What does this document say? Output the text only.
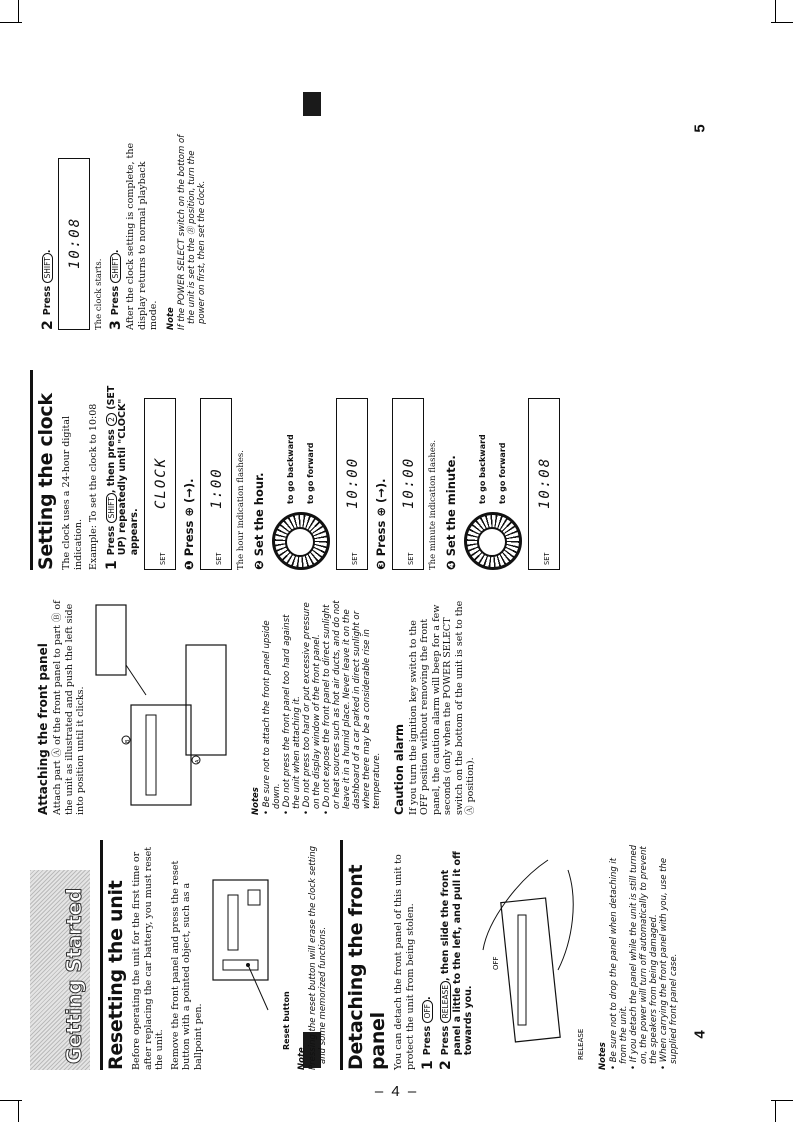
4
5
– 4 –
Getting Started Resetting the unit Before operating the unit for the first time or after replacing the car battery, you must reset the unit. Remove the front panel and press the reset button with a pointed object, such as a ballpoint pen.	Reset button
Note Pressing the reset button will erase the clock setting and some memorized functions. Detaching the front panel You can detach the front panel of this unit to protect the unit from being stolen. 1
Press OFF.
2
Press RELEASE, then slide the front panel a little to the left, and pull it off towards you.
OFF
RELEASE Notes • Be sure not to drop the panel when detaching it from the unit. • If you detach the panel while the unit is still turned on, the power will turn off automatically to prevent the speakers from being damaged. • When carrying the front panel with you, use the supplied front panel case.

Attaching the front panel Attach part Ⓐ of the front panel to part Ⓑ of the unit as illustrated and push the left side into position until it clicks.	A
B
Notes • Be sure not to attach the front panel upside down. • Do not press the front panel too hard against the unit when attaching it. • Do not press too hard or put excessive pressure on the display window of the front panel. • Do not expose the front panel to direct sunlight or heat sources such as hot air ducts, and do not leave it in a humid place. Never leave it on the dashboard of a car parked in direct sunlight or where there may be a considerable rise in temperature. Caution alarm If you turn the ignition key switch to the OFF position without removing the front panel, the caution alarm will beep for a few seconds (only when the POWER SELECT switch on the bottom of the unit is set to the Ⓐ position).

Setting the clock The clock uses a 24-hour digital indication. Example: To set the clock to 10:08 1
Press SHIFT, then press 2 (SET UP) repeatedly until "CLOCK" appears.
SET
CLOCK ❶ Press ⊕ (→).	SET
1:00 The hour indication flashes. ❷ Set the hour.
to go backward	to go forward
SET
10:00 ❸ Press ⊕ (→).	SET
10:00 The minute indication flashes. ❹ Set the minute.	to go backward	to go forward
SET
10:08
2
Press SHIFT. 10:08

The clock starts. 3
Press SHIFT. After the clock setting is complete, the display returns to normal playback mode. Note If the POWER SELECT switch on the bottom of the unit is set to the Ⓑ position, turn the power on first, then set the clock.
